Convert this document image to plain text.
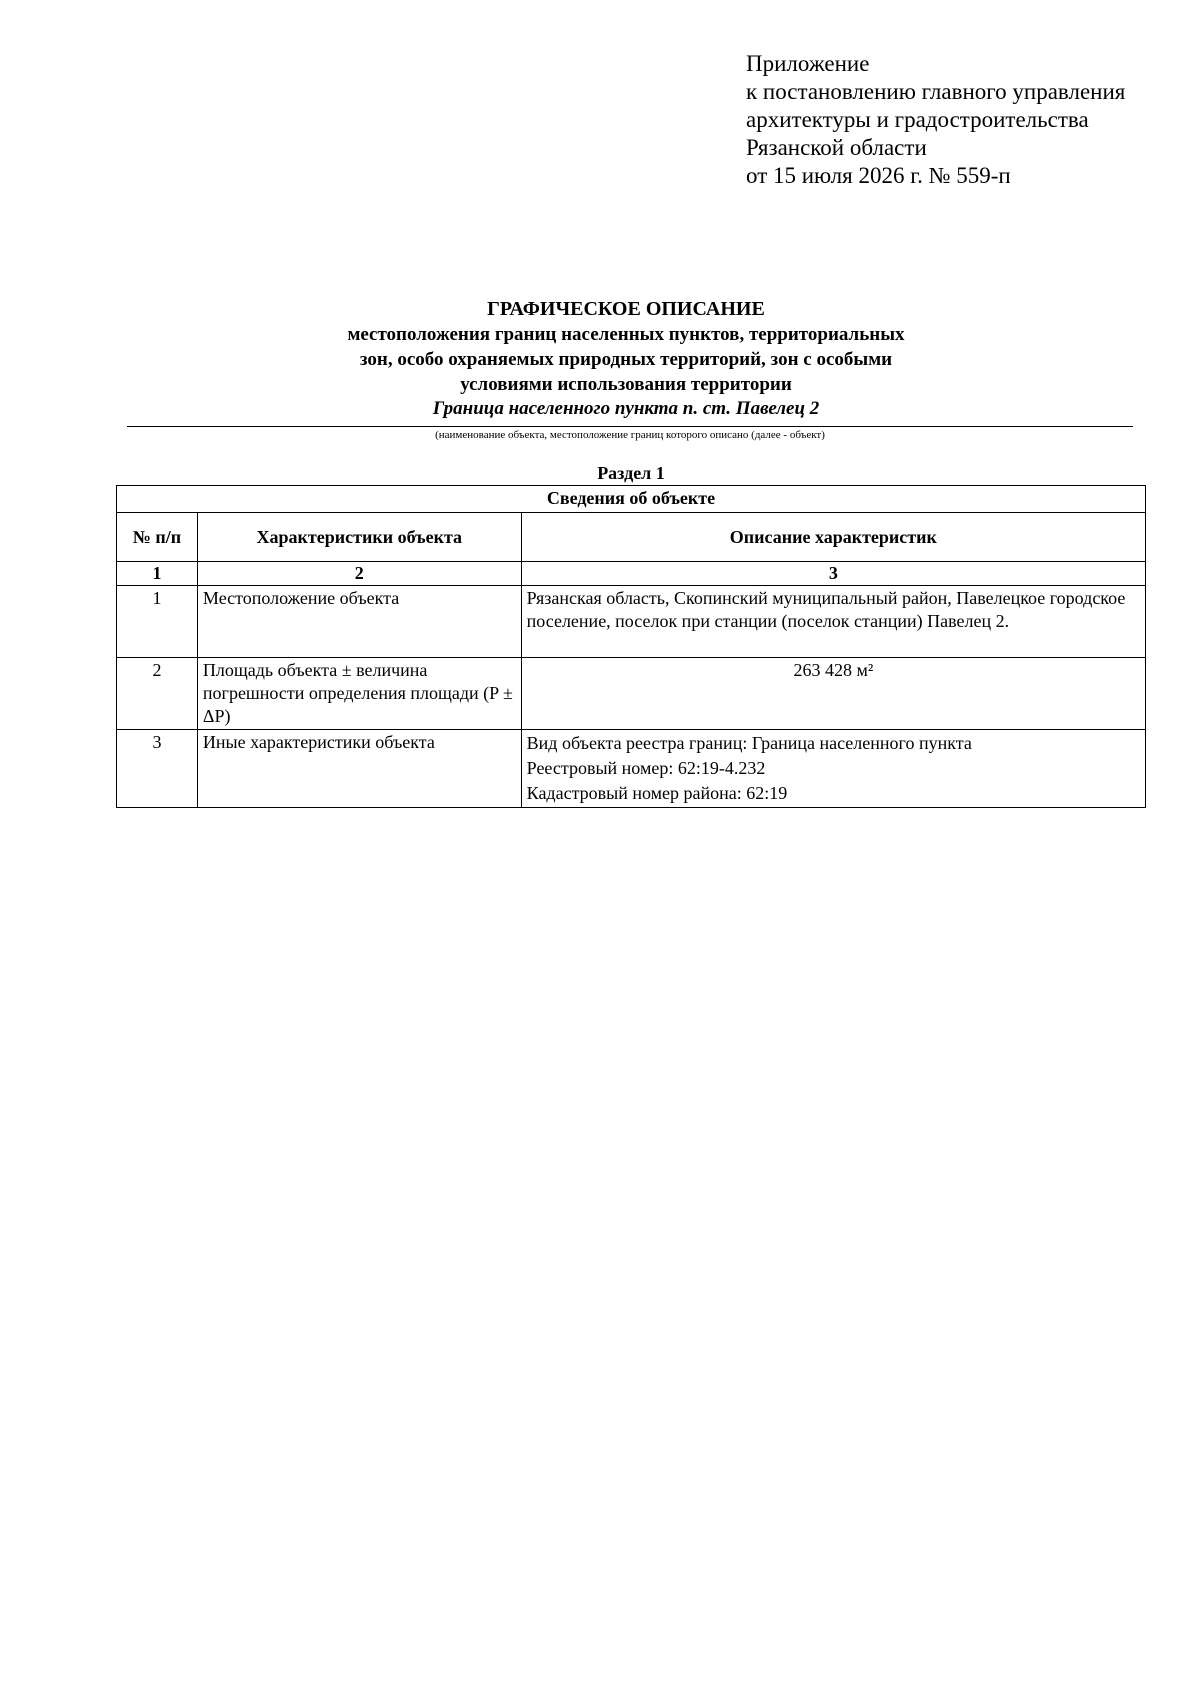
Приложение
к постановлению главного управления
архитектуры и градостроительства
Рязанской области
от 15 июля 2026 г. № 559-п
ГРАФИЧЕСКОЕ ОПИСАНИЕ
местоположения границ населенных пунктов, территориальных
зон, особо охраняемых природных территорий, зон с особыми
условиями использования территории
Граница населенного пункта п. ст. Павелец 2
(наименование объекта, местоположение границ которого описано (далее - объект)
Раздел 1
Сведения об объекте		
№ п/п	Характеристики объекта	Описание характеристик
1	2	3
1	Местоположение объекта	Рязанская область, Скопинский муниципальный район, Павелецкое городское поселение, поселок при станции (поселок станции) Павелец 2.
2	Площадь объекта ± величина погрешности определения площади (P ± ΔP)	263 428 м²
3	Иные характеристики объекта	Вид объекта реестра границ: Граница населенного пункта
Реестровый номер: 62:19-4.232
Кадастровый номер района: 62:19
